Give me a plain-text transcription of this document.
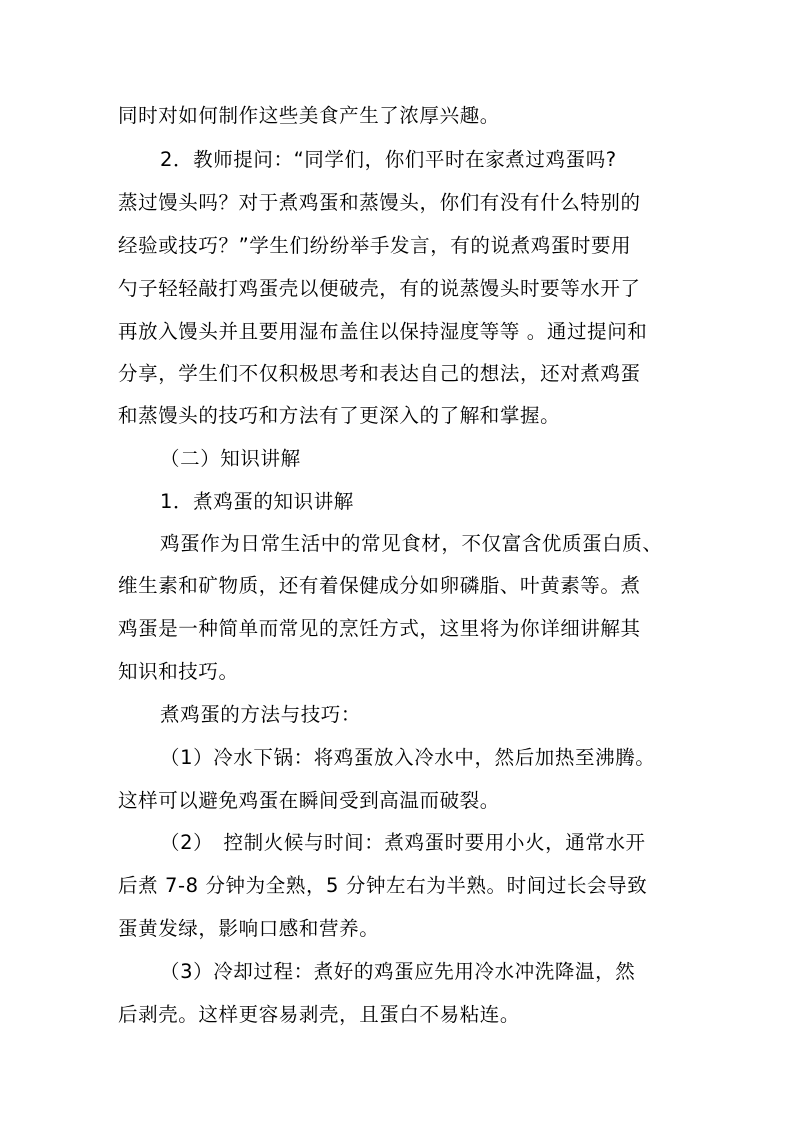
同时对如何制作这些美食产生了浓厚兴趣。
2．教师提问：“同学们，你们平时在家煮过鸡蛋吗?
蒸过馒头吗？对于煮鸡蛋和蒸馒头，你们有没有什么特别的
经验或技巧？”学生们纷纷举手发言，有的说煮鸡蛋时要用
勺子轻轻敲打鸡蛋壳以便破壳，有的说蒸馒头时要等水开了
再放入馒头并且要用湿布盖住以保持湿度等等 。通过提问和
分享，学生们不仅积极思考和表达自己的想法，还对煮鸡蛋
和蒸馒头的技巧和方法有了更深入的了解和掌握。
（二）知识讲解
1．煮鸡蛋的知识讲解
鸡蛋作为日常生活中的常见食材，不仅富含优质蛋白质、
维生素和矿物质，还有着保健成分如卵磷脂、叶黄素等。煮
鸡蛋是一种简单而常见的烹饪方式，这里将为你详细讲解其
知识和技巧。
煮鸡蛋的方法与技巧：
（1）冷水下锅：将鸡蛋放入冷水中，然后加热至沸腾。
这样可以避免鸡蛋在瞬间受到高温而破裂。
（2）　控制火候与时间：煮鸡蛋时要用小火，通常水开
后煮 7-8 分钟为全熟，5 分钟左右为半熟。时间过长会导致
蛋黄发绿，影响口感和营养。
（3）冷却过程：煮好的鸡蛋应先用冷水冲洗降温，然
后剥壳。这样更容易剥壳，且蛋白不易粘连。
